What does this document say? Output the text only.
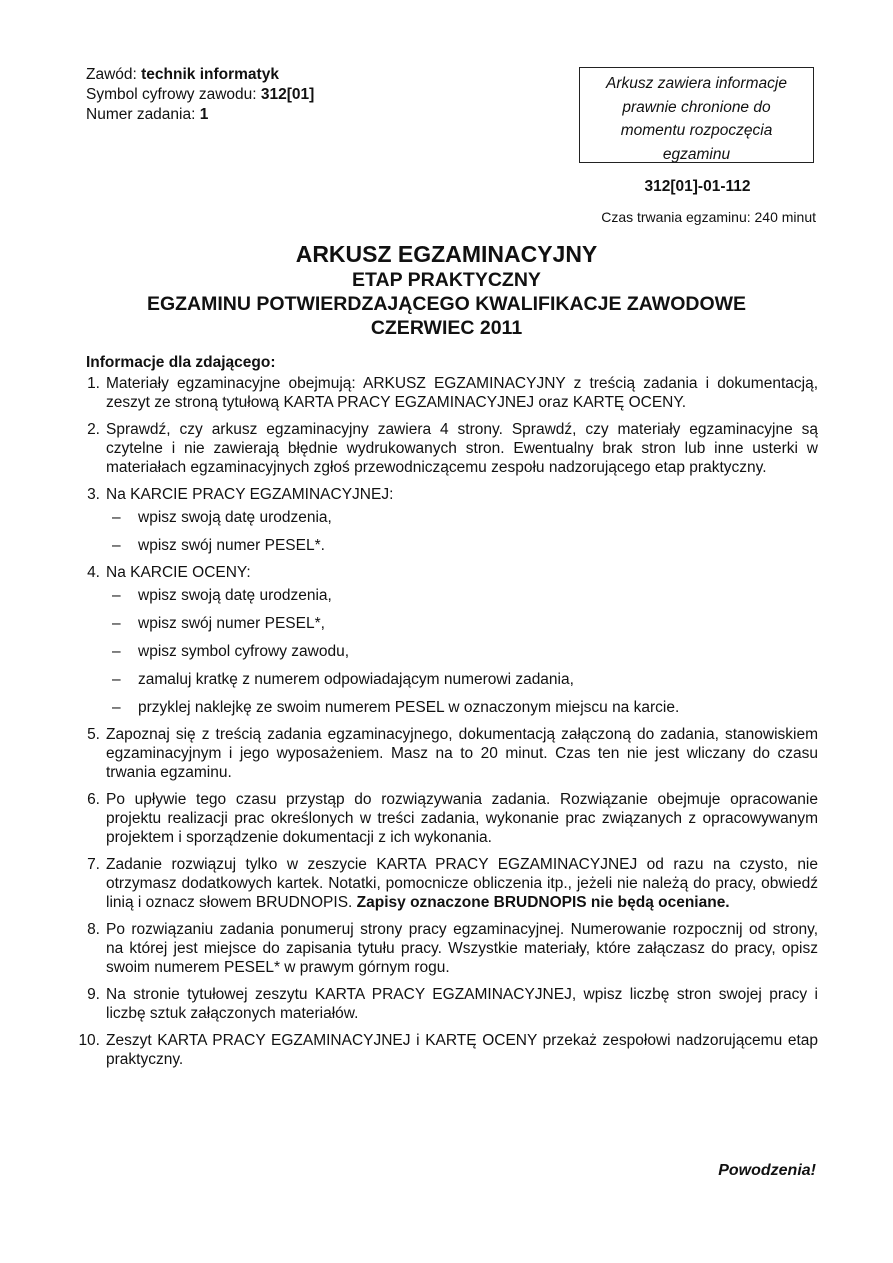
Zawód: technik informatyk
Symbol cyfrowy zawodu: 312[01]
Numer zadania: 1
Arkusz zawiera informacje
prawnie chronione do
momentu rozpoczęcia
egzaminu
312[01]-01-112
Czas trwania egzaminu: 240 minut
ARKUSZ EGZAMINACYJNY
ETAP PRAKTYCZNY
EGZAMINU POTWIERDZAJĄCEGO KWALIFIKACJE ZAWODOWE
CZERWIEC 2011
Informacje dla zdającego:
1. Materiały egzaminacyjne obejmują: ARKUSZ EGZAMINACYJNY z treścią zadania i dokumentacją, zeszyt ze stroną tytułową KARTA PRACY EGZAMINACYJNEJ oraz KARTĘ OCENY.
2. Sprawdź, czy arkusz egzaminacyjny zawiera 4 strony. Sprawdź, czy materiały egzaminacyjne są czytelne i nie zawierają błędnie wydrukowanych stron. Ewentualny brak stron lub inne usterki w materiałach egzaminacyjnych zgłoś przewodniczącemu zespołu nadzorującego etap praktyczny.
3. Na KARCIE PRACY EGZAMINACYJNEJ:
– wpisz swoją datę urodzenia,
– wpisz swój numer PESEL*.
4. Na KARCIE OCENY:
– wpisz swoją datę urodzenia,
– wpisz swój numer PESEL*,
– wpisz symbol cyfrowy zawodu,
– zamaluj kratkę z numerem odpowiadającym numerowi zadania,
– przyklej naklejkę ze swoim numerem PESEL w oznaczonym miejscu na karcie.
5. Zapoznaj się z treścią zadania egzaminacyjnego, dokumentacją załączoną do zadania, stanowiskiem egzaminacyjnym i jego wyposażeniem. Masz na to 20 minut. Czas ten nie jest wliczany do czasu trwania egzaminu.
6. Po upływie tego czasu przystąp do rozwiązywania zadania. Rozwiązanie obejmuje opracowanie projektu realizacji prac określonych w treści zadania, wykonanie prac związanych z opracowywanym projektem i sporządzenie dokumentacji z ich wykonania.
7. Zadanie rozwiązuj tylko w zeszycie KARTA PRACY EGZAMINACYJNEJ od razu na czysto, nie otrzymasz dodatkowych kartek. Notatki, pomocnicze obliczenia itp., jeżeli nie należą do pracy, obwiedź linią i oznacz słowem BRUDNOPIS. Zapisy oznaczone BRUDNOPIS nie będą oceniane.
8. Po rozwiązaniu zadania ponumeruj strony pracy egzaminacyjnej. Numerowanie rozpocznij od strony, na której jest miejsce do zapisania tytułu pracy. Wszystkie materiały, które załączasz do pracy, opisz swoim numerem PESEL* w prawym górnym rogu.
9. Na stronie tytułowej zeszytu KARTA PRACY EGZAMINACYJNEJ, wpisz liczbę stron swojej pracy i liczbę sztuk załączonych materiałów.
10. Zeszyt KARTA PRACY EGZAMINACYJNEJ i KARTĘ OCENY przekaż zespołowi nadzorującemu etap praktyczny.
Powodzenia!
